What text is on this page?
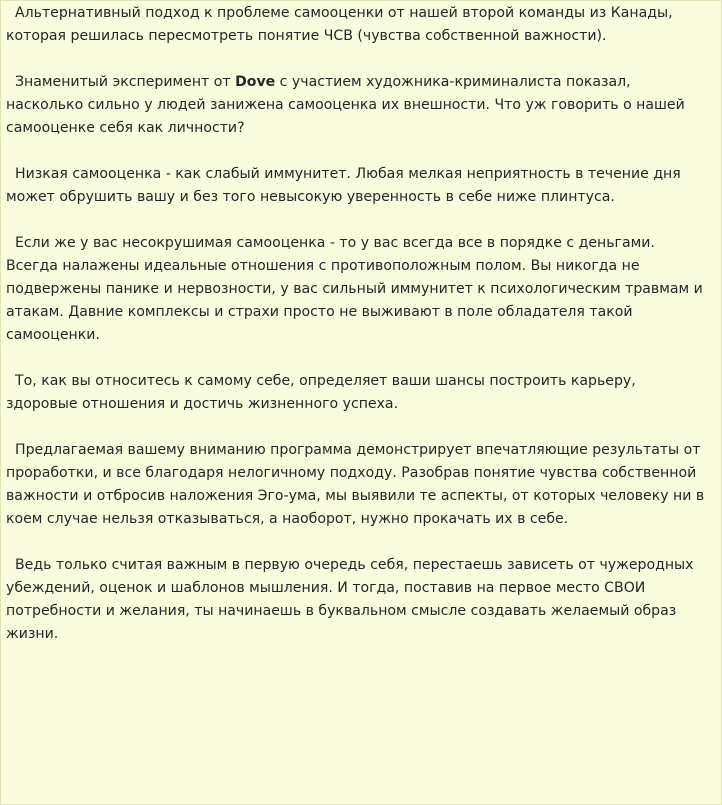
Альтернативный подход к проблеме самооценки от нашей второй команды из Канады, которая решилась пересмотреть понятие ЧСВ (чувства собственной важности).

Знаменитый эксперимент от Dove с участием художника-криминалиста показал, насколько сильно у людей занижена самооценка их внешности. Что уж говорить о нашей самооценке себя как личности?

Низкая самооценка - как слабый иммунитет. Любая мелкая неприятность в течение дня может обрушить вашу и без того невысокую уверенность в себе ниже плинтуса.

Если же у вас несокрушимая самооценка - то у вас всегда все в порядке с деньгами. Всегда налажены идеальные отношения с противоположным полом. Вы никогда не подвержены панике и нервозности, у вас сильный иммунитет к психологическим травмам и атакам. Давние комплексы и страхи просто не выживают в поле обладателя такой самооценки.

То, как вы относитесь к самому себе, определяет ваши шансы построить карьеру, здоровые отношения и достичь жизненного успеха.

Предлагаемая вашему вниманию программа демонстрирует впечатляющие результаты от проработки, и все благодаря нелогичному подходу. Разобрав понятие чувства собственной важности и отбросив наложения Эго-ума, мы выявили те аспекты, от которых человеку ни в коем случае нельзя отказываться, а наоборот, нужно прокачать их в себе.

Ведь только считая важным в первую очередь себя, перестаешь зависеть от чужеродных убеждений, оценок и шаблонов мышления. И тогда, поставив на первое место СВОИ потребности и желания, ты начинаешь в буквальном смысле создавать желаемый образ жизни.
